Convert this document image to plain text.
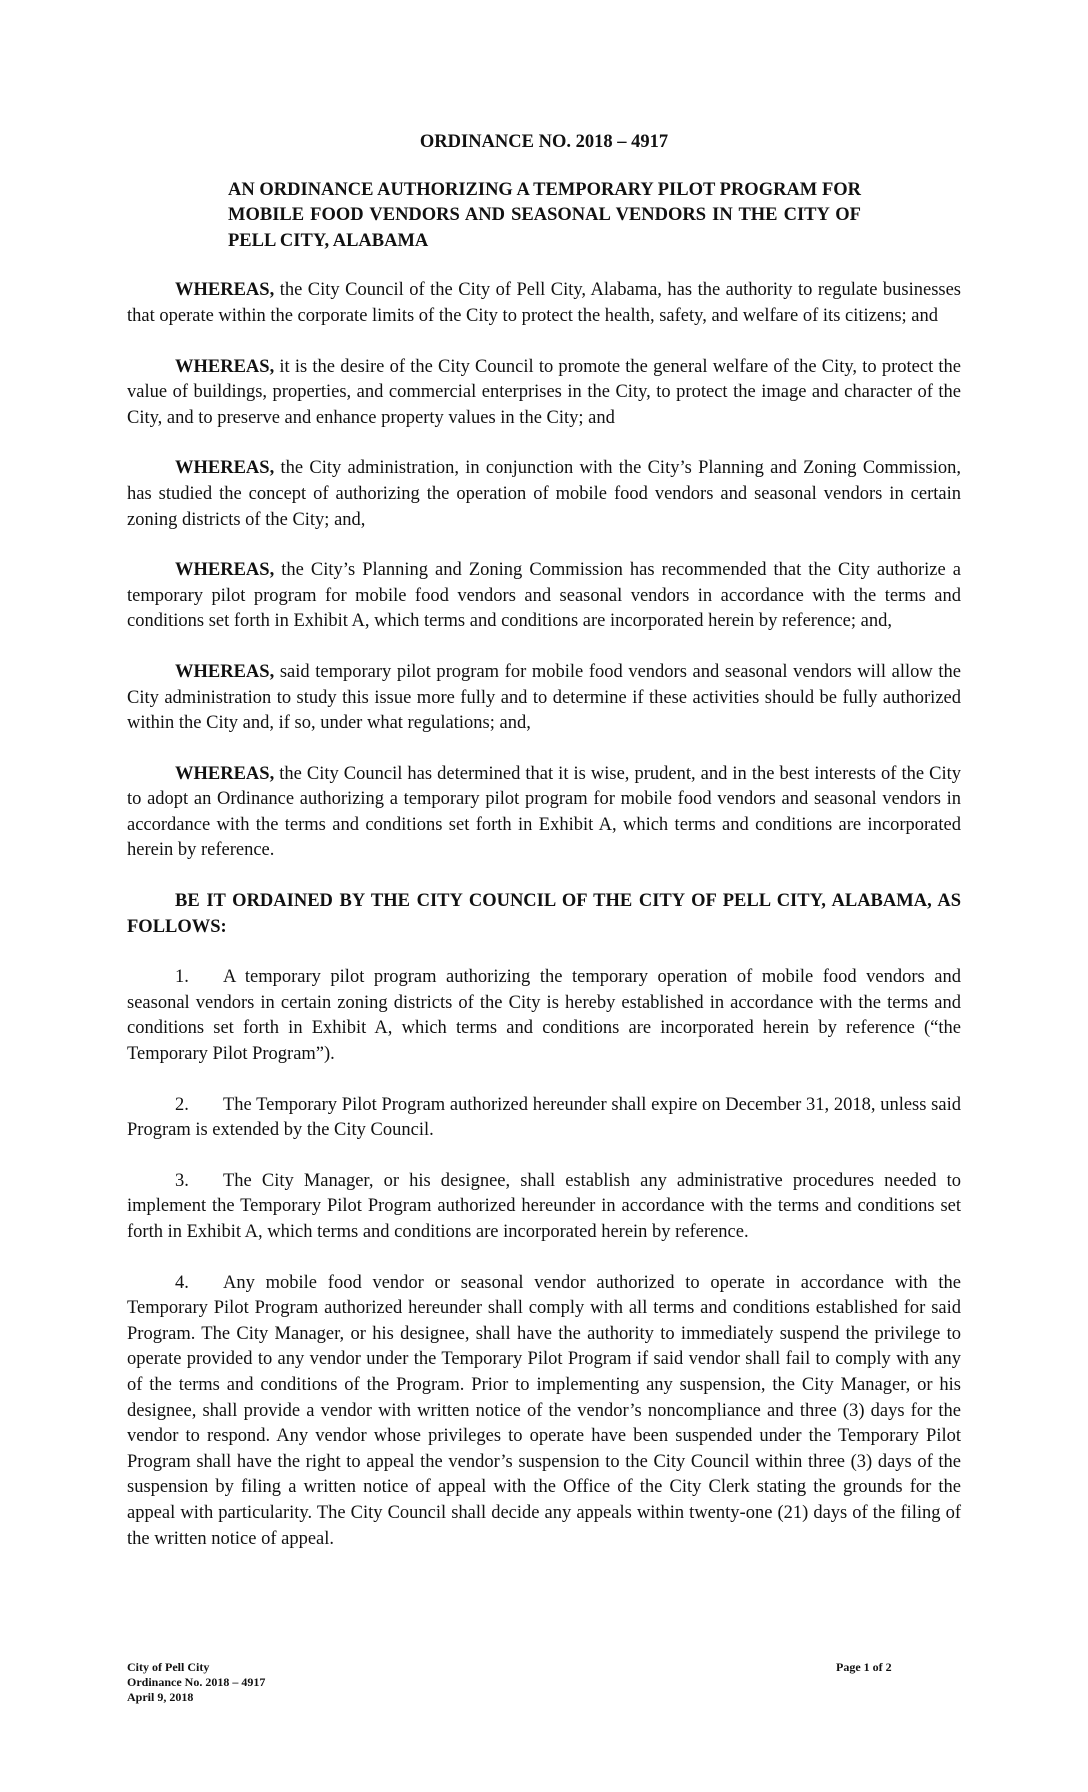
ORDINANCE NO. 2018 – 4917
AN ORDINANCE AUTHORIZING A TEMPORARY PILOT PROGRAM FOR MOBILE FOOD VENDORS AND SEASONAL VENDORS IN THE CITY OF PELL CITY, ALABAMA

WHEREAS, the City Council of the City of Pell City, Alabama, has the authority to regulate businesses that operate within the corporate limits of the City to protect the health, safety, and welfare of its citizens; and

WHEREAS, it is the desire of the City Council to promote the general welfare of the City, to protect the value of buildings, properties, and commercial enterprises in the City, to protect the image and character of the City, and to preserve and enhance property values in the City; and

WHEREAS, the City administration, in conjunction with the City’s Planning and Zoning Commission, has studied the concept of authorizing the operation of mobile food vendors and seasonal vendors in certain zoning districts of the City; and,

WHEREAS, the City’s Planning and Zoning Commission has recommended that the City authorize a temporary pilot program for mobile food vendors and seasonal vendors in accordance with the terms and conditions set forth in Exhibit A, which terms and conditions are incorporated herein by reference; and,

WHEREAS, said temporary pilot program for mobile food vendors and seasonal vendors will allow the City administration to study this issue more fully and to determine if these activities should be fully authorized within the City and, if so, under what regulations; and,

WHEREAS, the City Council has determined that it is wise, prudent, and in the best interests of the City to adopt an Ordinance authorizing a temporary pilot program for mobile food vendors and seasonal vendors in accordance with the terms and conditions set forth in Exhibit A, which terms and conditions are incorporated herein by reference.

BE IT ORDAINED BY THE CITY COUNCIL OF THE CITY OF PELL CITY, ALABAMA, AS FOLLOWS:

1. A temporary pilot program authorizing the temporary operation of mobile food vendors and seasonal vendors in certain zoning districts of the City is hereby established in accordance with the terms and conditions set forth in Exhibit A, which terms and conditions are incorporated herein by reference (“the Temporary Pilot Program”).

2. The Temporary Pilot Program authorized hereunder shall expire on December 31, 2018, unless said Program is extended by the City Council.

3. The City Manager, or his designee, shall establish any administrative procedures needed to implement the Temporary Pilot Program authorized hereunder in accordance with the terms and conditions set forth in Exhibit A, which terms and conditions are incorporated herein by reference.

4. Any mobile food vendor or seasonal vendor authorized to operate in accordance with the Temporary Pilot Program authorized hereunder shall comply with all terms and conditions established for said Program. The City Manager, or his designee, shall have the authority to immediately suspend the privilege to operate provided to any vendor under the Temporary Pilot Program if said vendor shall fail to comply with any of the terms and conditions of the Program. Prior to implementing any suspension, the City Manager, or his designee, shall provide a vendor with written notice of the vendor’s noncompliance and three (3) days for the vendor to respond. Any vendor whose privileges to operate have been suspended under the Temporary Pilot Program shall have the right to appeal the vendor’s suspension to the City Council within three (3) days of the suspension by filing a written notice of appeal with the Office of the City Clerk stating the grounds for the appeal with particularity. The City Council shall decide any appeals within twenty-one (21) days of the filing of the written notice of appeal.

City of Pell City
Ordinance No. 2018 – 4917
April 9, 2018
Page 1 of 2
